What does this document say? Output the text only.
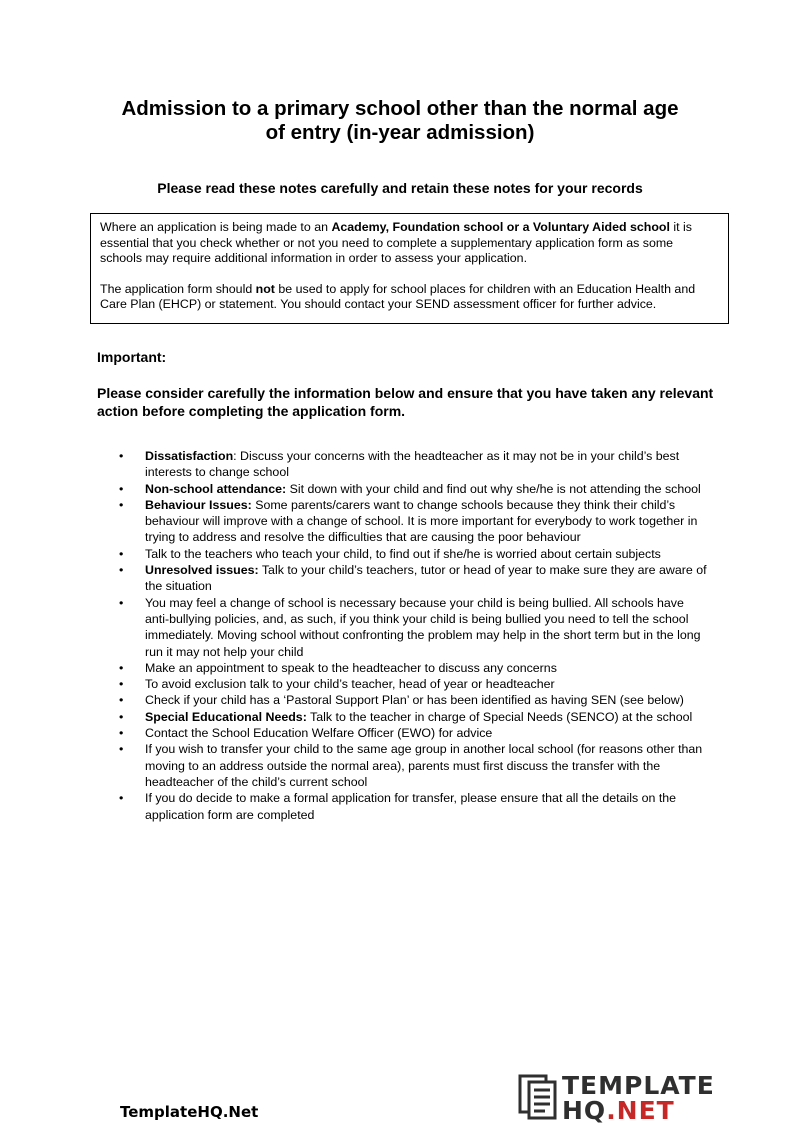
Admission to a primary school other than the normal age
of entry (in-year admission)

Please read these notes carefully and retain these notes for your records

Where an application is being made to an Academy, Foundation school or a Voluntary Aided school it is essential that you check whether or not you need to complete a supplementary application form as some schools may require additional information in order to assess your application.

The application form should not be used to apply for school places for children with an Education Health and Care Plan (EHCP) or statement. You should contact your SEND assessment officer for further advice.

Important:

Please consider carefully the information below and ensure that you have taken any relevant action before completing the application form.

• Dissatisfaction: Discuss your concerns with the headteacher as it may not be in your child’s best interests to change school
• Non-school attendance: Sit down with your child and find out why she/he is not attending the school
• Behaviour Issues: Some parents/carers want to change schools because they think their child’s behaviour will improve with a change of school. It is more important for everybody to work together in trying to address and resolve the difficulties that are causing the poor behaviour
• Talk to the teachers who teach your child, to find out if she/he is worried about certain subjects
• Unresolved issues: Talk to your child’s teachers, tutor or head of year to make sure they are aware of the situation
• You may feel a change of school is necessary because your child is being bullied. All schools have anti-bullying policies, and, as such, if you think your child is being bullied you need to tell the school immediately. Moving school without confronting the problem may help in the short term but in the long run it may not help your child
• Make an appointment to speak to the headteacher to discuss any concerns
• To avoid exclusion talk to your child’s teacher, head of year or headteacher
• Check if your child has a ‘Pastoral Support Plan’ or has been identified as having SEN (see below)
• Special Educational Needs: Talk to the teacher in charge of Special Needs (SENCO) at the school
• Contact the School Education Welfare Officer (EWO) for advice
• If you wish to transfer your child to the same age group in another local school (for reasons other than moving to an address outside the normal area), parents must first discuss the transfer with the headteacher of the child’s current school
• If you do decide to make a formal application for transfer, please ensure that all the details on the application form are completed

TemplateHQ.Net

TEMPLATE
HQ.NET
